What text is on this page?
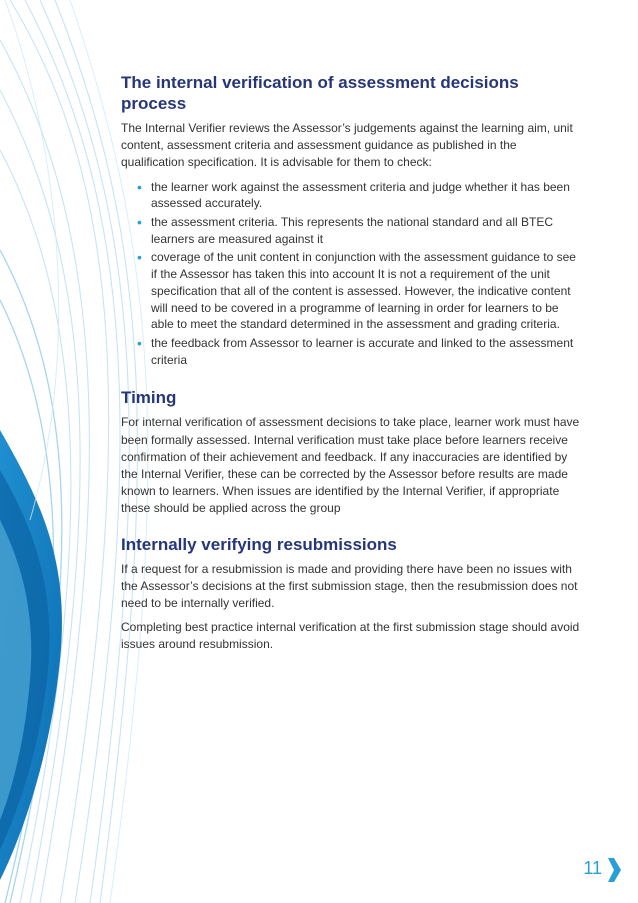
The internal verification of assessment decisions process

The Internal Verifier reviews the Assessor’s judgements against the learning aim, unit content, assessment criteria and assessment guidance as published in the qualification specification. It is advisable for them to check:

• the learner work against the assessment criteria and judge whether it has been assessed accurately.
• the assessment criteria. This represents the national standard and all BTEC learners are measured against it
• coverage of the unit content in conjunction with the assessment guidance to see if the Assessor has taken this into account It is not a requirement of the unit specification that all of the content is assessed. However, the indicative content will need to be covered in a programme of learning in order for learners to be able to meet the standard determined in the assessment and grading criteria.
• the feedback from Assessor to learner is accurate and linked to the assessment criteria
Timing

For internal verification of assessment decisions to take place, learner work must have been formally assessed. Internal verification must take place before learners receive confirmation of their achievement and feedback. If any inaccuracies are identified by the Internal Verifier, these can be corrected by the Assessor before results are made known to learners. When issues are identified by the Internal Verifier, if appropriate these should be applied across the group

Internally verifying resubmissions

If a request for a resubmission is made and providing there have been no issues with the Assessor’s decisions at the first submission stage, then the resubmission does not need to be internally verified.

Completing best practice internal verification at the first submission stage should avoid issues around resubmission.

11
